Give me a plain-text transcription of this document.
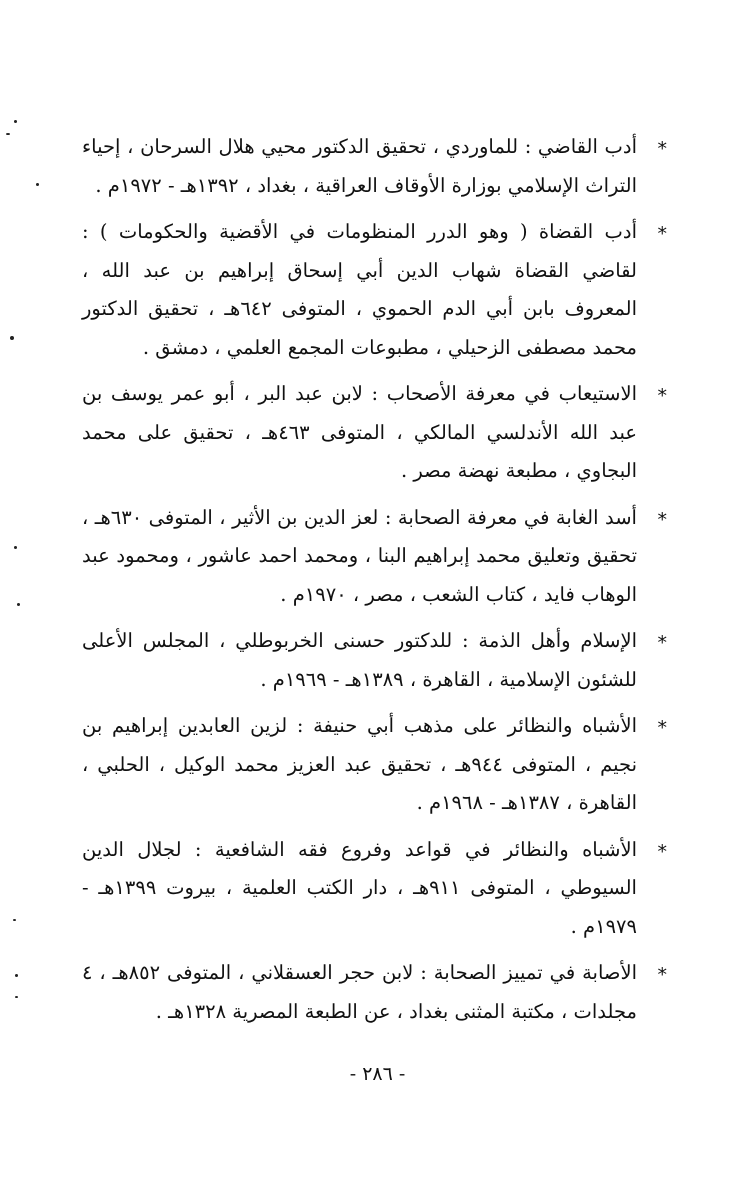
*

أدب القاضي : للماوردي ، تحقيق الدكتور محيي هلال السرحان ، إحياء التراث الإسلامي بوزارة الأوقاف العراقية ، بغداد ، ١٣٩٢هـ - ١٩٧٢م .

*

أدب القضاة ( وهو الدرر المنظومات في الأقضية والحكومات ) : لقاضي القضاة شهاب الدين أبي إسحاق إبراهيم بن عبد الله ، المعروف بابن أبي الدم الحموي ، المتوفى ٦٤٢هـ ، تحقيق الدكتور محمد مصطفى الزحيلي ، مطبوعات المجمع العلمي ، دمشق .

*

الاستيعاب في معرفة الأصحاب : لابن عبد البر ، أبو عمر يوسف بن عبد الله الأندلسي المالكي ، المتوفى ٤٦٣هـ ، تحقيق على محمد البجاوي ، مطبعة نهضة مصر .

*

أسد الغابة في معرفة الصحابة : لعز الدين بن الأثير ، المتوفى ٦٣٠هـ ، تحقيق وتعليق محمد إبراهيم البنا ، ومحمد احمد عاشور ، ومحمود عبد الوهاب فايد ، كتاب الشعب ، مصر ، ١٩٧٠م .

*

الإسلام وأهل الذمة : للدكتور حسنى الخربوطلي ، المجلس الأعلى للشئون الإسلامية ، القاهرة ، ١٣٨٩هـ - ١٩٦٩م .

*

الأشباه والنظائر على مذهب أبي حنيفة : لزين العابدين إبراهيم بن نجيم ، المتوفى ٩٤٤هـ ، تحقيق عبد العزيز محمد الوكيل ، الحلبي ، القاهرة ، ١٣٨٧هـ - ١٩٦٨م .

*

الأشباه والنظائر في قواعد وفروع فقه الشافعية : لجلال الدين السيوطي ، المتوفى ٩١١هـ ، دار الكتب العلمية ، بيروت ١٣٩٩هـ - ١٩٧٩م .

*

الأصابة في تمييز الصحابة : لابن حجر العسقلاني ، المتوفى ٨٥٢هـ ، ٤ مجلدات ، مكتبة المثنى بغداد ، عن الطبعة المصرية ١٣٢٨هـ .

- ٢٨٦ -
